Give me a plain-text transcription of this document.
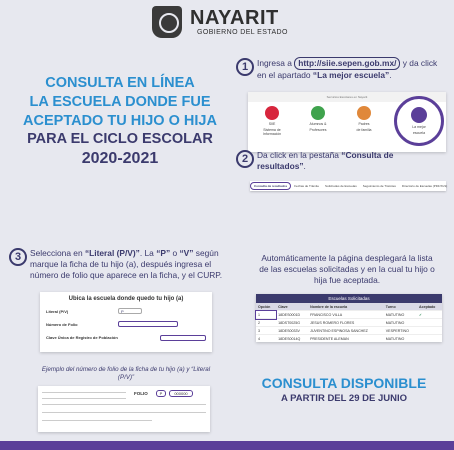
NAYARIT
GOBIERNO DEL ESTADO
CONSULTA EN LÍNEA
LA ESCUELA DONDE FUE
ACEPTADO TU HIJO O HIJA
PARA EL CICLO ESCOLAR
2020-2021
1	Ingresa a http://siie.sepen.gob.mx/ y da click en el apartado “La mejor escuela”.
Servicios Escolares en Nayarit
SIIE
Sistema de Información
Alumnos &
Profesores
Padres
de familia
La mejor
escuela
2	Da click en la pestaña “Consulta de resultados”.
Consulta de resultados	Fechas de Trámite	Solicitudes de Escuelas	Seguimiento de Trámites	Directorio de Escuelas (PDF/XLS)
3	Selecciona en “Literal (P/V)”. La “P” o “V” según marque la ficha de tu hijo (a), después ingresa el número de folio que aparece en la ficha, y el CURP.
Ubica la escuela donde quedo tu hijo (a)
Literal (P/V)	P
Número de Folio
Clave Única de Registro de Población
Ejemplo del número de folio de la ficha de tu hijo (a) y “Literal (P/V)”
FOLIO	P	000000
Automáticamente la página desplegará la lista de las escuelas solicitadas y en la cual tu hijo o hija fue aceptada.
Escuelas Solicitadas
Opción	Clave	Nombre de la escuela	Turno	Aceptado
1	18DES0001D	FRANCISCO VILLA	MATUTINO	✓
2	18DST0025G	JESUS ROMERO FLORES	MATUTINO	
3	18DES0033V	JUVENTINO ESPINOSA SANCHEZ	VESPERTINO	
4	18DES0014Q	PRESIDENTE ALEMAN	MATUTINO	
CONSULTA DISPONIBLE
A PARTIR DEL 29 DE JUNIO
